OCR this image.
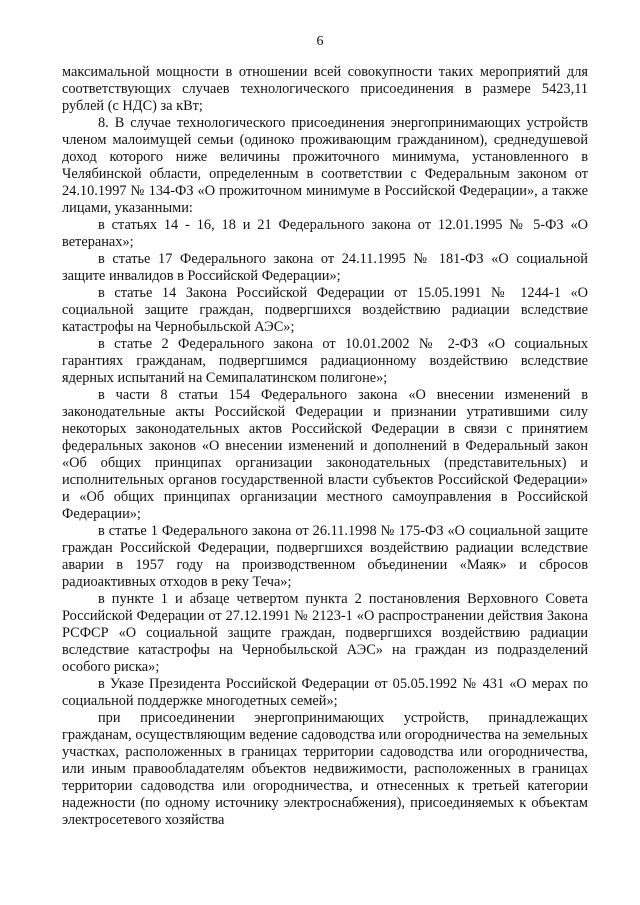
6

максимальной мощности в отношении всей совокупности таких мероприятий для соответствующих случаев технологического присоединения в размере 5423,11 рублей (с НДС) за кВт;

8. В случае технологического присоединения энергопринимающих устройств членом малоимущей семьи (одиноко проживающим гражданином), среднедушевой доход которого ниже величины прожиточного минимума, установленного в Челябинской области, определенным в соответствии с Федеральным законом от 24.10.1997 № 134-ФЗ «О прожиточном минимуме в Российской Федерации», а также лицами, указанными:

в статьях 14 - 16, 18 и 21 Федерального закона от 12.01.1995 № 5-ФЗ «О ветеранах»;

в статье 17 Федерального закона от 24.11.1995 № 181-ФЗ «О социальной защите инвалидов в Российской Федерации»;

в статье 14 Закона Российской Федерации от 15.05.1991 № 1244-1 «О социальной защите граждан, подвергшихся воздействию радиации вследствие катастрофы на Чернобыльской АЭС»;

в статье 2 Федерального закона от 10.01.2002 № 2-ФЗ «О социальных гарантиях гражданам, подвергшимся радиационному воздействию вследствие ядерных испытаний на Семипалатинском полигоне»;

в части 8 статьи 154 Федерального закона «О внесении изменений в законодательные акты Российской Федерации и признании утратившими силу некоторых законодательных актов Российской Федерации в связи с принятием федеральных законов «О внесении изменений и дополнений в Федеральный закон «Об общих принципах организации законодательных (представительных) и исполнительных органов государственной власти субъектов Российской Федерации» и «Об общих принципах организации местного самоуправления в Российской Федерации»;

в статье 1 Федерального закона от 26.11.1998 № 175-ФЗ «О социальной защите граждан Российской Федерации, подвергшихся воздействию радиации вследствие аварии в 1957 году на производственном объединении «Маяк» и сбросов радиоактивных отходов в реку Теча»;

в пункте 1 и абзаце четвертом пункта 2 постановления Верховного Совета Российской Федерации от 27.12.1991 № 2123-1 «О распространении действия Закона РСФСР «О социальной защите граждан, подвергшихся воздействию радиации вследствие катастрофы на Чернобыльской АЭС» на граждан из подразделений особого риска»;

в Указе Президента Российской Федерации от 05.05.1992 № 431 «О мерах по социальной поддержке многодетных семей»;

при присоединении энергопринимающих устройств, принадлежащих гражданам, осуществляющим ведение садоводства или огородничества на земельных участках, расположенных в границах территории садоводства или огородничества, или иным правообладателям объектов недвижимости, расположенных в границах территории садоводства или огородничества, и отнесенных к третьей категории надежности (по одному источнику электроснабжения), присоединяемых к объектам электросетевого хозяйства
